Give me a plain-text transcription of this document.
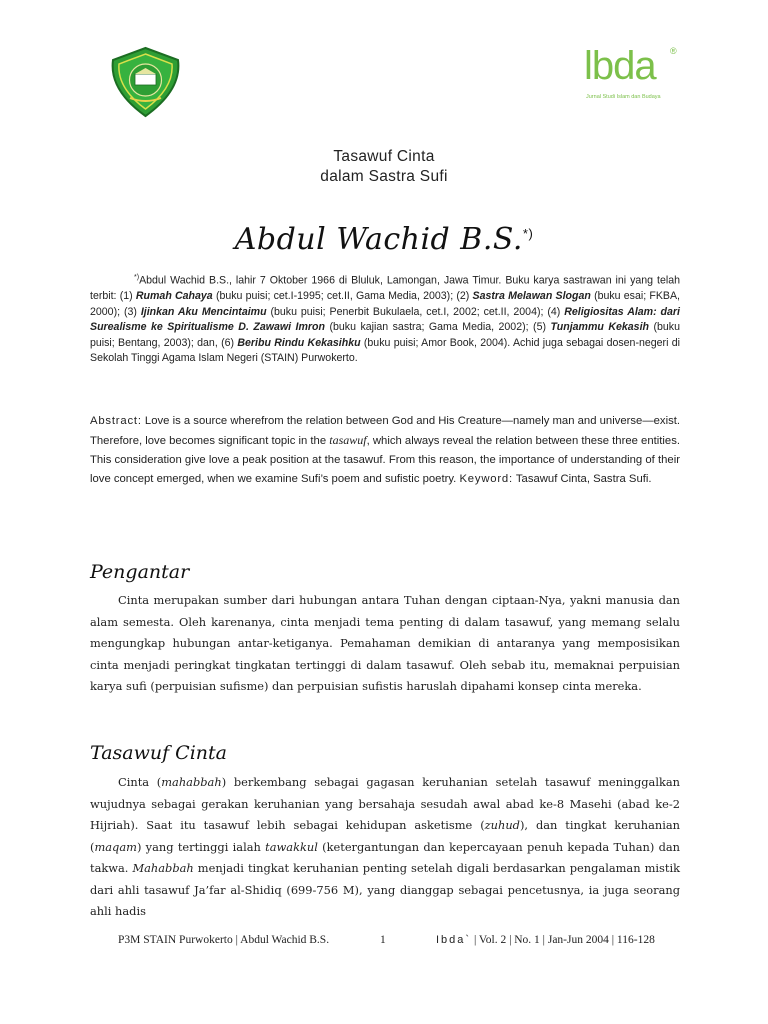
lbda ®
Jurnal Studi Islam dan Budaya
Tasawuf Cinta
dalam Sastra Sufi
Abdul Wachid B.S.*)
*)Abdul Wachid B.S., lahir 7 Oktober 1966 di Bluluk, Lamongan, Jawa Timur. Buku karya sastrawan ini yang telah terbit: (1) Rumah Cahaya (buku puisi; cet.I-1995; cet.II, Gama Media, 2003); (2) Sastra Melawan Slogan (buku esai; FKBA, 2000); (3) Ijinkan Aku Mencintaimu (buku puisi; Penerbit Bukulaela, cet.I, 2002; cet.II, 2004); (4) Religiositas Alam: dari Surealisme ke Spiritualisme D. Zawawi Imron (buku kajian sastra; Gama Media, 2002); (5) Tunjammu Kekasih (buku puisi; Bentang, 2003); dan, (6) Beribu Rindu Kekasihku (buku puisi; Amor Book, 2004). Achid juga sebagai dosen-negeri di Sekolah Tinggi Agama Islam Negeri (STAIN) Purwokerto.
Abstract: Love is a source wherefrom the relation between God and His Creature—namely man and universe—exist. Therefore, love becomes significant topic in the tasawuf, which always reveal the relation between these three entities. This consideration give love a peak position at the tasawuf. From this reason, the importance of understanding of their love concept emerged, when we examine Sufi’s poem and sufistic poetry. Keyword: Tasawuf Cinta, Sastra Sufi.
Pengantar
Cinta merupakan sumber dari hubungan antara Tuhan dengan ciptaan-Nya, yakni manusia dan alam semesta. Oleh karenanya, cinta menjadi tema penting di dalam tasawuf, yang memang selalu mengungkap hubungan antar-ketiganya. Pemahaman demikian di antaranya yang memposisikan cinta menjadi peringkat tingkatan tertinggi di dalam tasawuf. Oleh sebab itu, memaknai perpuisian karya sufi (perpuisian sufisme) dan perpuisian sufistis haruslah dipahami konsep cinta mereka.
Tasawuf Cinta
Cinta (mahabbah) berkembang sebagai gagasan keruhanian setelah tasawuf meninggalkan wujudnya sebagai gerakan keruhanian yang bersahaja sesudah awal abad ke-8 Masehi (abad ke-2 Hijriah). Saat itu tasawuf lebih sebagai kehidupan asketisme (zuhud), dan tingkat keruhanian (maqam) yang tertinggi ialah tawakkul (ketergantungan dan kepercayaan penuh kepada Tuhan) dan takwa. Mahabbah menjadi tingkat keruhanian penting setelah digali berdasarkan pengalaman mistik dari ahli tasawuf Ja’far al-Shidiq (699-756 M), yang dianggap sebagai pencetusnya, ia juga seorang ahli hadis
P3M STAIN Purwokerto | Abdul Wachid B.S.	1	Ibda` | Vol. 2 | No. 1 | Jan-Jun 2004 | 116-128
